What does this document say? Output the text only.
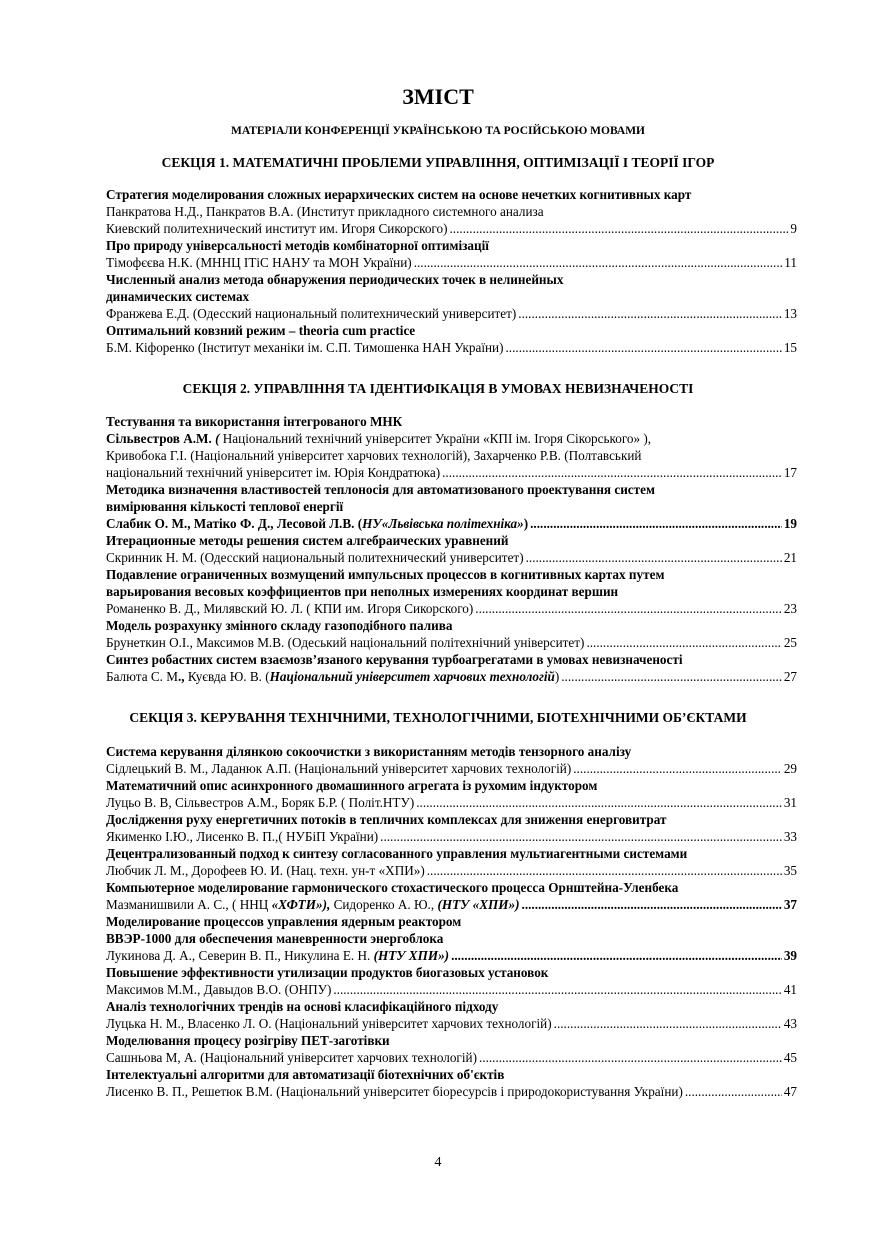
ЗМІСТ
МАТЕРІАЛИ КОНФЕРЕНЦІЇ УКРАЇНСЬКОЮ ТА РОСІЙСЬКОЮ МОВАМИ
СЕКЦІЯ 1. МАТЕМАТИЧНІ ПРОБЛЕМИ УПРАВЛІННЯ, ОПТИМІЗАЦІЇ І ТЕОРІЇ ІГОР
Стратегия моделирования сложных иерархических систем на основе нечетких когнитивных карт
Панкратова Н.Д., Панкратов В.А. (Институт прикладного системного анализа
Киевский политехнический институт им. Игоря Сикорского) .....	9
Про природу універсальності методів комбінаторної оптимізації
Тімофєєва Н.К. (МННЦ ІТіС НАНУ та МОН України) .....	11
Численный анализ метода обнаружения периодических точек в нелинейных
динамических системах
Франжева Е.Д. (Одесский национальный политехнический университет) .....	13
Оптимальний ковзний режим – theoria cum practice
Б.М. Кіфоренко (Інститут механіки ім. С.П. Тимошенка НАН України) .....	15
СЕКЦІЯ 2. УПРАВЛІННЯ ТА ІДЕНТИФІКАЦІЯ В УМОВАХ НЕВИЗНАЧЕНОСТІ
Тестування та використання інтегрованого МНК
Сільвестров А.М. ( Національний технічний університет України «КПІ ім. Ігоря Сікорського» ),
Кривобока Г.І. (Національний університет харчових технологій), Захарченко Р.В. (Полтавський
національний технічний університет ім. Юрія Кондратюка) .....	17
Методика визначення властивостей теплоносія для автоматизованого проектування систем
вимірювання кількості теплової енергії
Слабик О. М., Матіко Ф. Д., Лесовой Л.В. (НУ«Львівська політехніка») .....	19
Итерационные методы решения систем алгебраических уравнений
Скринник Н. М. (Одесский национальный политехнический университет) .....	21
Подавление ограниченных возмущений импульсных процессов в когнитивных картах путем
варьирования весовых коэффициентов при неполных измерениях координат вершин
Романенко В. Д., Милявский Ю. Л. ( КПИ им. Игоря Сикорского) .....	23
Модель розрахунку змінного складу газоподібного палива
Брунеткин О.І., Максимов М.В. (Одеський національний політехнічний університет) .....	25
Синтез робастних систем взаємозв’язаного керування турбоагрегатами в умовах невизначеності
Балюта С. М., Куєвда Ю. В. (Національний університет харчових технологій) .....	27
СЕКЦІЯ 3. КЕРУВАННЯ ТЕХНІЧНИМИ, ТЕХНОЛОГІЧНИМИ, БІОТЕХНІЧНИМИ ОБ’ЄКТАМИ
Система керування ділянкою сокоочистки з використанням методів тензорного аналізу
Сідлецький В. М., Ладанюк А.П. (Національний університет харчових технологій) .....	29
Математичний опис асинхронного двомашинного агрегата із рухомим індуктором
Луцьо В. В, Сільвестров А.М., Боряк Б.Р. ( Політ.НТУ) .....	31
Дослідження руху енергетичних потоків в тепличних комплексах для зниження енерговитрат
Якименко І.Ю., Лисенко В. П.,( НУБіП України) .....	33
Децентрализованный подход к синтезу согласованного управления мультиагентными системами
Любчик Л. М., Дорофеев Ю. И. (Нац. техн. ун-т «ХПИ») .....	35
Компьютерное моделирование гармонического стохастического процесса Орнштейна-Уленбека
Мазманишвили А. С., ( ННЦ «ХФТИ»), Сидоренко А. Ю., (НТУ «ХПИ») .....	37
Моделирование процессов управления ядерным реактором
ВВЭР-1000 для обеспечения маневренности энергоблока
Лукинова Д. А., Северин В. П., Никулина Е. Н. (НТУ ХПИ») .....	39
Повышение эффективности утилизации продуктов биогазовых установок
Максимов М.М., Давыдов В.О. (ОНПУ) .....	41
Аналіз технологічних трендів на основі класифікаційного підходу
Луцька Н. М., Власенко Л. О. (Національний університет харчових технологій) .....	43
Моделювання процесу розігріву ПЕТ-заготівки
Сашньова М, А. (Національний університет харчових технологій) .....	45
Інтелектуальні алгоритми для автоматизації біотехнічних об'єктів
Лисенко В. П., Решетюк В.М. (Національний університет біоресурсів і природокористування України) .....	47
4
